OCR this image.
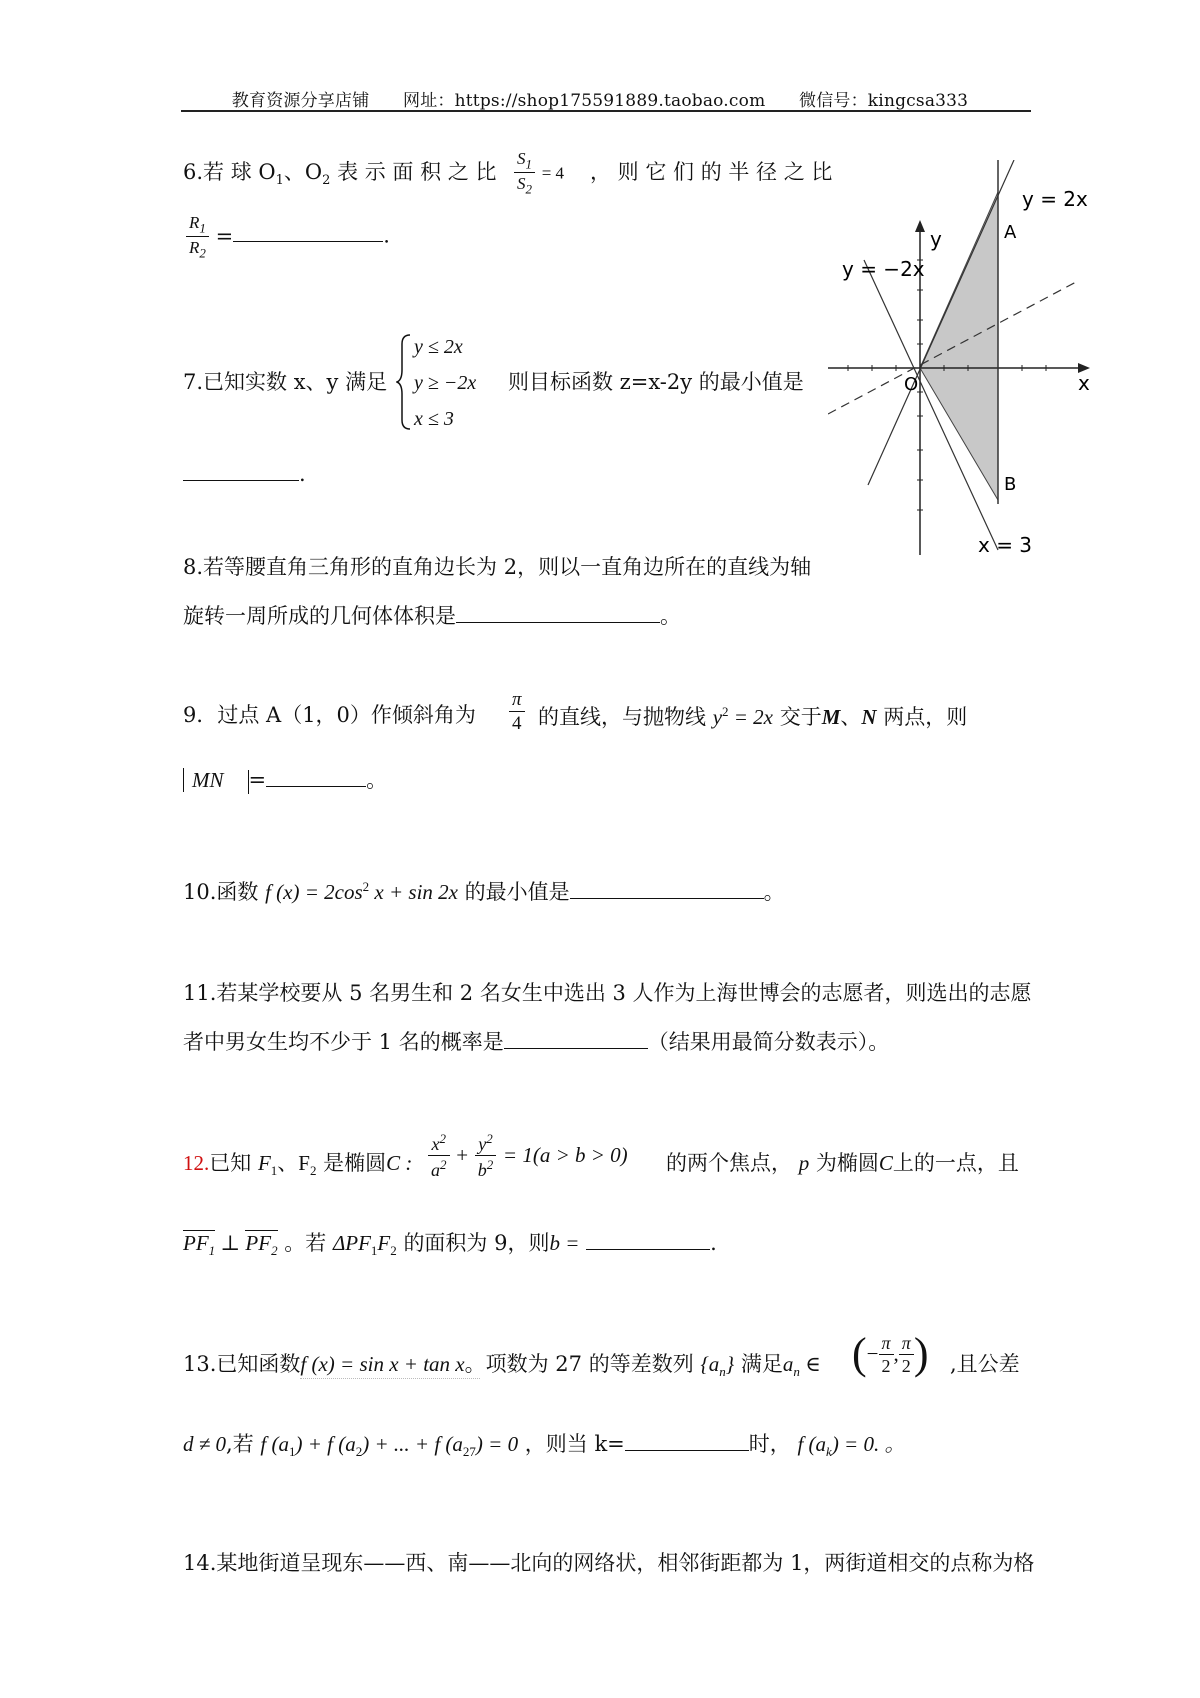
教育资源分享店铺 网址：https://shop175591889.taobao.com 微信号：kingcsa333
6.若 球 $O_1$、$O_2$ 表 示 面 积 之 比 $\frac{S_1}{S_2} = 4$ ， 则 它 们 的 半 径 之 比
$\frac{R_1}{R_2}$ =	.
7.已知实数 x、y 满足
y ≤ 2x
y ≥ −2x
x ≤ 3
则目标函数 z=x-2y 的最小值是
.
y = 2x
y = −2x
y
x
O
A
B
x = 3
8.若等腰直角三角形的直角边长为 2，则以一直角边所在的直线为轴
旋转一周所成的几何体体积是	。
9．过点 A（1，0）作倾斜角为 $\frac{\pi}{4}$ 的直线，与抛物线 $y^2 = 2x$ 交于M、N 两点，则
MN =	。
10.函数 f $(x) = 2\cos^2$ x + sin 2x 的最小值是	。
11.若某学校要从 5 名男生和 2 名女生中选出 3 人作为上海世博会的志愿者，则选出的志愿
者中男女生均不少于 1 名的概率是	（结果用最简分数表示）。
12.已知 $F_1$、$F_2$ 是椭圆C : $\frac{x^2}{a^2} + \frac{y^2}{b^2} = 1(a > b > 0)$ 的两个焦点， p 为椭圆C上的一点，且
$PF_1$ ⊥ $PF_2$ 。若 $\Delta PF_1F_2$ 的面积为 9，则b =	.
13.已知函数f (x) = sin x + tan x。项数为 27 的等差数列 $\{a_n\}$ 满足$a_n$ ∈ (− $\frac{\pi}{2}$ , $\frac{\pi}{2}$ ) ,且公差
d ≠ 0,若 f $(a_1) + f$ $(a_2)$ + ... + f $(a_{27}) = 0$ ，则当 k=	时， f $(a_k) = 0$. 。
14.某地街道呈现东——西、南——北向的网络状，相邻街距都为 1，两街道相交的点称为格
